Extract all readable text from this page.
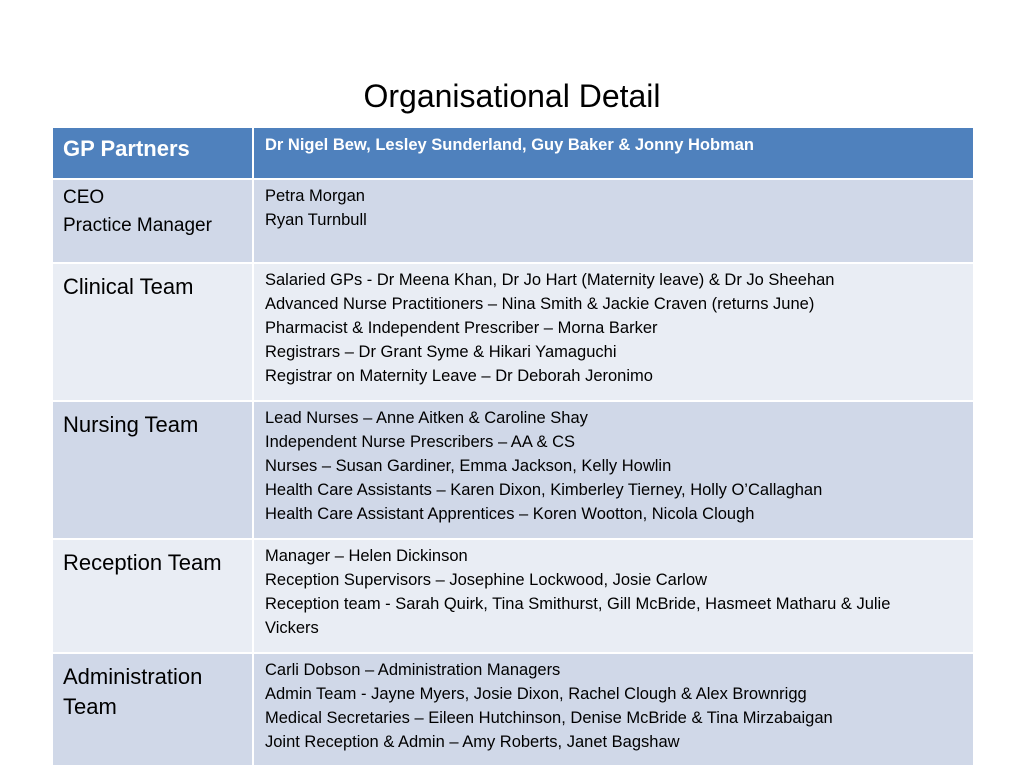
Organisational Detail
GP Partners	Dr Nigel Bew, Lesley Sunderland, Guy Baker & Jonny Hobman

CEO
Practice Manager	Petra Morgan
Ryan Turnbull

Clinical Team	Salaried GPs - Dr Meena Khan, Dr Jo Hart (Maternity leave) & Dr Jo Sheehan
Advanced Nurse Practitioners – Nina Smith & Jackie Craven (returns June)
Pharmacist & Independent Prescriber – Morna Barker
Registrars – Dr Grant Syme & Hikari Yamaguchi
Registrar on Maternity Leave – Dr Deborah Jeronimo

Nursing Team	Lead Nurses – Anne Aitken & Caroline Shay
Independent Nurse Prescribers – AA & CS
Nurses – Susan Gardiner, Emma Jackson, Kelly Howlin
Health Care Assistants – Karen Dixon, Kimberley Tierney, Holly O’Callaghan
Health Care Assistant Apprentices – Koren Wootton, Nicola Clough

Reception Team	Manager – Helen Dickinson
Reception Supervisors – Josephine Lockwood, Josie Carlow
Reception team - Sarah Quirk, Tina Smithurst, Gill McBride, Hasmeet Matharu & Julie
Vickers

Administration
Team	Carli Dobson – Administration Managers
Admin Team - Jayne Myers, Josie Dixon, Rachel Clough & Alex Brownrigg
Medical Secretaries – Eileen Hutchinson, Denise McBride & Tina Mirzabaigan
Joint Reception & Admin – Amy Roberts, Janet Bagshaw
